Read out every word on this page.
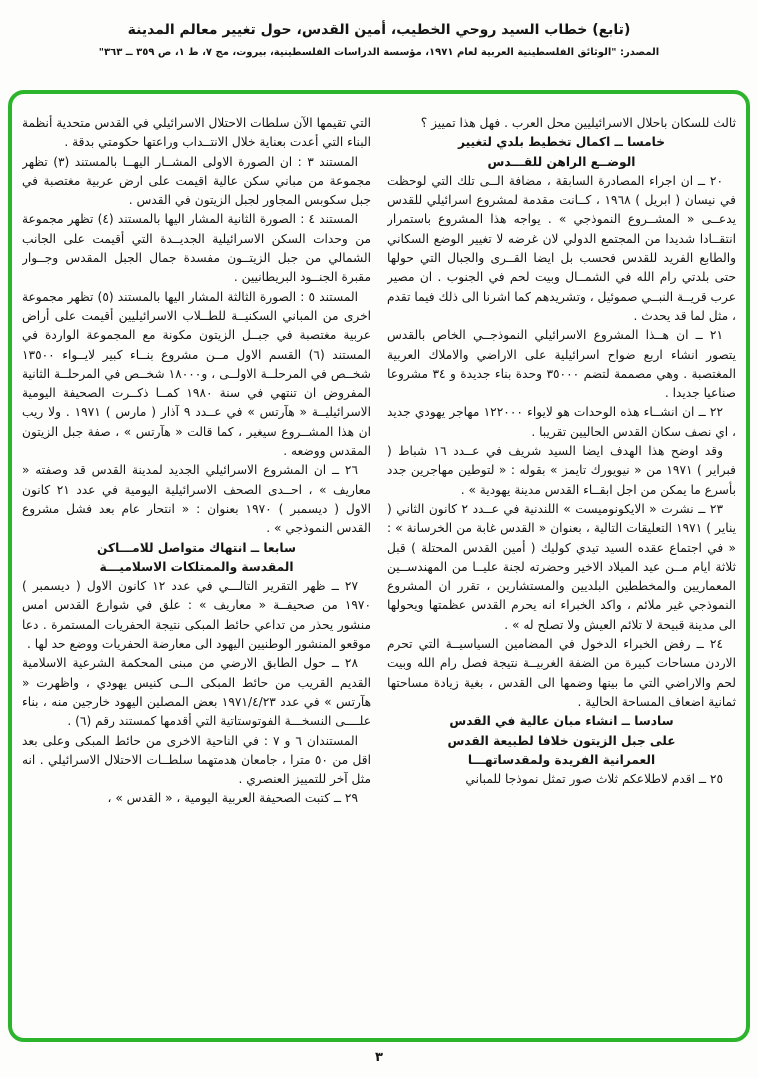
(تابع) خطاب السيد روحي الخطيب، أمين القدس، حول تغيير معالم المدينة
المصدر: "الوثائق الفلسطينية العربية لعام ١٩٧١، مؤسسة الدراسات الفلسطينية، بيروت، مج ٧، ط ١، ص ٣٥٩ ــ ٣٦٣"

ثالث للسكان باحلال الاسرائيليين محل العرب . فهل هذا تمييز ؟

خامسا ــ اكمال تخطيط بلدي لتغيير
الوضــع الراهن للقـــدس

٢٠ ــ ان اجراء المصادرة السابقة ، مضافة الــى تلك التي لوحظت في نيسان ( ابريل ) ١٩٦٨ ، كــانت مقدمة لمشروع اسرائيلي للقدس يدعــى « المشــروع النموذجي » . يواجه هذا المشروع باستمرار انتقــادا شديدا من المجتمع الدولي لان غرضه لا تغيير الوضع السكاني والطابع الفريد للقدس فحسب بل ايضا القــرى والجبال التي حولها حتى بلدتي رام الله في الشمــال وبيت لحم في الجنوب . ان مصير عرب قريــة النبــي صموئيل ، وتشريدهم كما اشرنا الى ذلك فيما تقدم ، مثل لما قد يحدث .

٢١ ــ ان هــذا المشروع الاسرائيلي النموذجــي الخاص بالقدس يتصور انشاء اربع ضواح اسرائيلية على الاراضي والاملاك العربية المغتصبة . وهي مصممة لتضم ٣٥٠٠٠ وحدة بناء جديدة و ٣٤ مشروعا صناعيا جديدا .

٢٢ ــ ان انشــاء هذه الوحدات هو لايواء ١٢٢٠٠٠ مهاجر يهودي جديد ، اي نصف سكان القدس الحاليين تقريبا .

وقد اوضح هذا الهدف ايضا السيد شريف في عــدد ١٦ شباط ( فبراير ) ١٩٧١ من « نيويورك تايمز » بقوله : « لتوطين مهاجرين جدد بأسرع ما يمكن من اجل ابقــاء القدس مدينة يهودية » .

٢٣ ــ نشرت « الايكونوميست » اللندنية في عــدد ٢ كانون الثاني ( يناير ) ١٩٧١ التعليقات التالية ، بعنوان « القدس غابة من الخرسانة » : « في اجتماع عقده السيد تيدي كوليك ( أمين القدس المحتلة ) قبل ثلاثة ايام مــن عيد الميلاد الاخير وحضرته لجنة عليــا من المهندســين المعماريين والمخططين البلديين والمستشارين ، تقرر ان المشروع النموذجي غير ملائم ، واكد الخبراء انه يحرم القدس عظمتها ويحولها الى مدينة قبيحة لا تلائم العيش ولا تصلح له » .

٢٤ ــ رفض الخبراء الدخول في المضامين السياسيــة التي تحرم الاردن مساحات كبيرة من الضفة الغربيــة نتيجة فصل رام الله وبيت لحم والاراضي التي ما بينها وضمها الى القدس ، بغية زيادة مساحتها ثمانية اضعاف المساحة الحالية .

سادسا ــ انشاء مبان عالية في القدس
على جبل الزيتون خلافا لطبيعة القدس
العمرانية الفريدة ولمقدساتهـــا

٢٥ ــ اقدم لاطلاعكم ثلاث صور تمثل نموذجا للمباني

التي تقيمها الآن سلطات الاحتلال الاسرائيلي في القدس متحدية أنظمة البناء التي أعدت بعناية خلال الانتــداب وراعتها حكومتي بدقة .

المستند ٣ : ان الصورة الاولى المشــار اليهــا بالمستند (٣) تظهر مجموعة من مباني سكن عالية اقيمت على ارض عربية مغتصبة في جبل سكوبس المجاور لجبل الزيتون في القدس .

المستند ٤ : الصورة الثانية المشار اليها بالمستند (٤) تظهر مجموعة من وحدات السكن الاسرائيلية الجديــدة التي أقيمت على الجانب الشمالي من جبل الزيتــون مفسدة جمال الجبل المقدس وجــوار مقبرة الجنــود البريطانيين .

المستند ٥ : الصورة الثالثة المشار اليها بالمستند (٥) تظهر مجموعة اخرى من المباني السكنيــة للطــلاب الاسرائيليين أقيمت على أراض عربية مغتصبة في جبــل الزيتون مكونة مع المجموعة الواردة في المستند (٦) القسم الاول مــن مشروع بنــاء كبير لايــواء ١٣٥٠٠ شخــص في المرحلــة الاولــى ، و١٨٠٠٠ شخــص في المرحلــة الثانية المفروض ان تنتهي في سنة ١٩٨٠ كمــا ذكــرت الصحيفة اليومية الاسرائيليــة « هآرتس » في عــدد ٩ آذار ( مارس ) ١٩٧١ . ولا ريب ان هذا المشــروع سيغير ، كما قالت « هآرتس » ، صفة جبل الزيتون المقدس ووضعه .

٢٦ ــ ان المشروع الاسرائيلي الجديد لمدينة القدس قد وصفته « معاريف » ، احــدى الصحف الاسرائيلية اليومية في عدد ٢١ كانون الاول ( ديسمبر ) ١٩٧٠ بعنوان : « انتحار عام بعد فشل مشروع القدس النموذجي » .

سابعا ــ انتهاك متواصل للامـــاكن
المقدسة والممتلكات الاسلاميـــة

٢٧ ــ ظهر التقرير التالـــي في عدد ١٢ كانون الاول ( ديسمبر ) ١٩٧٠ من صحيفــة « معاريف » : علق في شوارع القدس امس منشور يحذر من تداعي حائط المبكى نتيجة الحفريات المستمرة . دعا موقعو المنشور الوطنيين اليهود الى معارضة الحفريات ووضع حد لها .

٢٨ ــ حول الطابق الارضي من مبنى المحكمة الشرعية الاسلامية القديم القريب من حائط المبكى الــى كنيس يهودي ، واظهرت « هآرتس » في عدد ١٩٧١/٤/٢٣ بعض المصلين اليهود خارجين منه ، بناء علــــى النسخـــة الفوتوستاتية التي أقدمها كمستند رقم (٦) .

المستندان ٦ و ٧ : في الناحية الاخرى من حائط المبكى وعلى بعد اقل من ٥٠ مترا ، جامعان هدمتهما سلطــات الاحتلال الاسرائيلي . انه مثل آخر للتمييز العنصري .

٢٩ ــ كتبت الصحيفة العربية اليومية ، « القدس » ،

٣
